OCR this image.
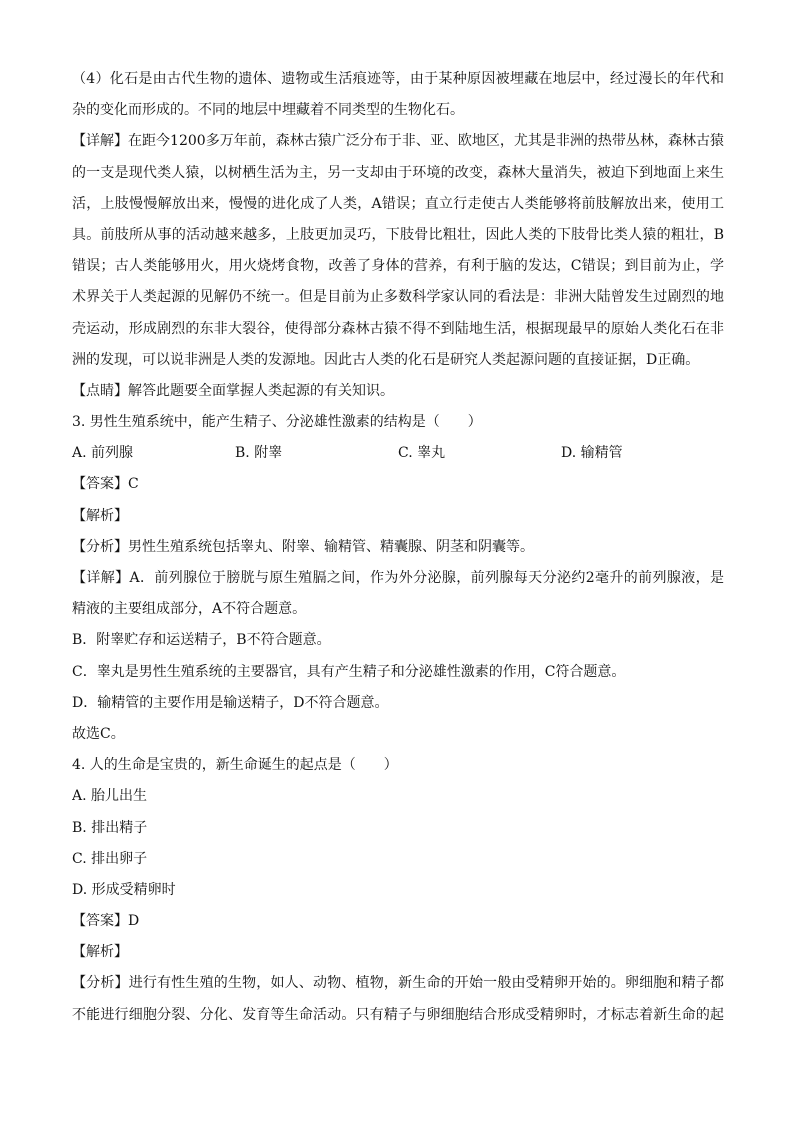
（4）化石是由古代生物的遗体、遗物或生活痕迹等，由于某种原因被埋藏在地层中，经过漫长的年代和
杂的变化而形成的。不同的地层中埋藏着不同类型的生物化石。
【详解】在距今1200多万年前，森林古猿广泛分布于非、亚、欧地区，尤其是非洲的热带丛林，森林古猿
的一支是现代类人猿，以树栖生活为主，另一支却由于环境的改变，森林大量消失，被迫下到地面上来生
活，上肢慢慢解放出来，慢慢的进化成了人类，A错误；直立行走使古人类能够将前肢解放出来，使用工
具。前肢所从事的活动越来越多，上肢更加灵巧，下肢骨比粗壮，因此人类的下肢骨比类人猿的粗壮，B
错误；古人类能够用火，用火烧烤食物，改善了身体的营养，有利于脑的发达，C错误；到目前为止，学
术界关于人类起源的见解仍不统一。但是目前为止多数科学家认同的看法是：非洲大陆曾发生过剧烈的地
壳运动，形成剧烈的东非大裂谷，使得部分森林古猿不得不到陆地生活，根据现最早的原始人类化石在非
洲的发现，可以说非洲是人类的发源地。因此古人类的化石是研究人类起源问题的直接证据，D正确。
【点睛】解答此题要全面掌握人类起源的有关知识。
3. 男性生殖系统中，能产生精子、分泌雄性激素的结构是（　　）
A. 前列腺	B. 附睾	C. 睾丸	D. 输精管
【答案】C
【解析】
【分析】男性生殖系统包括睾丸、附睾、输精管、精囊腺、阴茎和阴囊等。
【详解】A．前列腺位于膀胱与原生殖膈之间，作为外分泌腺，前列腺每天分泌约2毫升的前列腺液，是
精液的主要组成部分，A不符合题意。
B．附睾贮存和运送精子，B不符合题意。
C．睾丸是男性生殖系统的主要器官，具有产生精子和分泌雄性激素的作用，C符合题意。
D．输精管的主要作用是输送精子，D不符合题意。
故选C。
4. 人的生命是宝贵的，新生命诞生的起点是（　　）
A. 胎儿出生
B. 排出精子
C. 排出卵子
D. 形成受精卵时
【答案】D
【解析】
【分析】进行有性生殖的生物，如人、动物、植物，新生命的开始一般由受精卵开始的。卵细胞和精子都
不能进行细胞分裂、分化、发育等生命活动。只有精子与卵细胞结合形成受精卵时，才标志着新生命的起
